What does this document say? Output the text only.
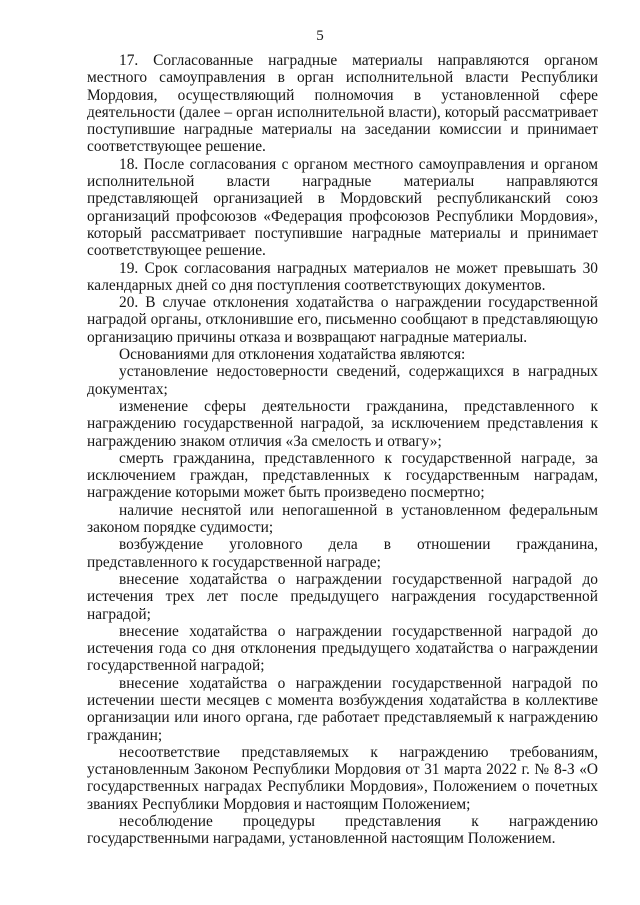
5

17. Согласованные наградные материалы направляются органом местного самоуправления в орган исполнительной власти Республики Мордовия, осуществляющий полномочия в установленной сфере деятельности (далее – орган исполнительной власти), который рассматривает поступившие наградные материалы на заседании комиссии и принимает соответствующее решение.

18. После согласования с органом местного самоуправления и органом исполнительной власти наградные материалы направляются представляющей организацией в Мордовский республиканский союз организаций профсоюзов «Федерация профсоюзов Республики Мордовия», который рассматривает поступившие наградные материалы и принимает соответствующее решение.

19. Срок согласования наградных материалов не может превышать 30 календарных дней со дня поступления соответствующих документов.

20. В случае отклонения ходатайства о награждении государственной наградой органы, отклонившие его, письменно сообщают в представляющую организацию причины отказа и возвращают наградные материалы.

Основаниями для отклонения ходатайства являются:

установление недостоверности сведений, содержащихся в наградных документах;

изменение сферы деятельности гражданина, представленного к награждению государственной наградой, за исключением представления к награждению знаком отличия «За смелость и отвагу»;

смерть гражданина, представленного к государственной награде, за исключением граждан, представленных к государственным наградам, награждение которыми может быть произведено посмертно;

наличие неснятой или непогашенной в установленном федеральным законом порядке судимости;

возбуждение уголовного дела в отношении гражданина, представленного к государственной награде;

внесение ходатайства о награждении государственной наградой до истечения трех лет после предыдущего награждения государственной наградой;

внесение ходатайства о награждении государственной наградой до истечения года со дня отклонения предыдущего ходатайства о награждении государственной наградой;

внесение ходатайства о награждении государственной наградой по истечении шести месяцев с момента возбуждения ходатайства в коллективе организации или иного органа, где работает представляемый к награждению гражданин;

несоответствие представляемых к награждению требованиям, установленным Законом Республики Мордовия от 31 марта 2022 г. № 8-З «О государственных наградах Республики Мордовия», Положением о почетных званиях Республики Мордовия и настоящим Положением;

несоблюдение процедуры представления к награждению государственными наградами, установленной настоящим Положением.
